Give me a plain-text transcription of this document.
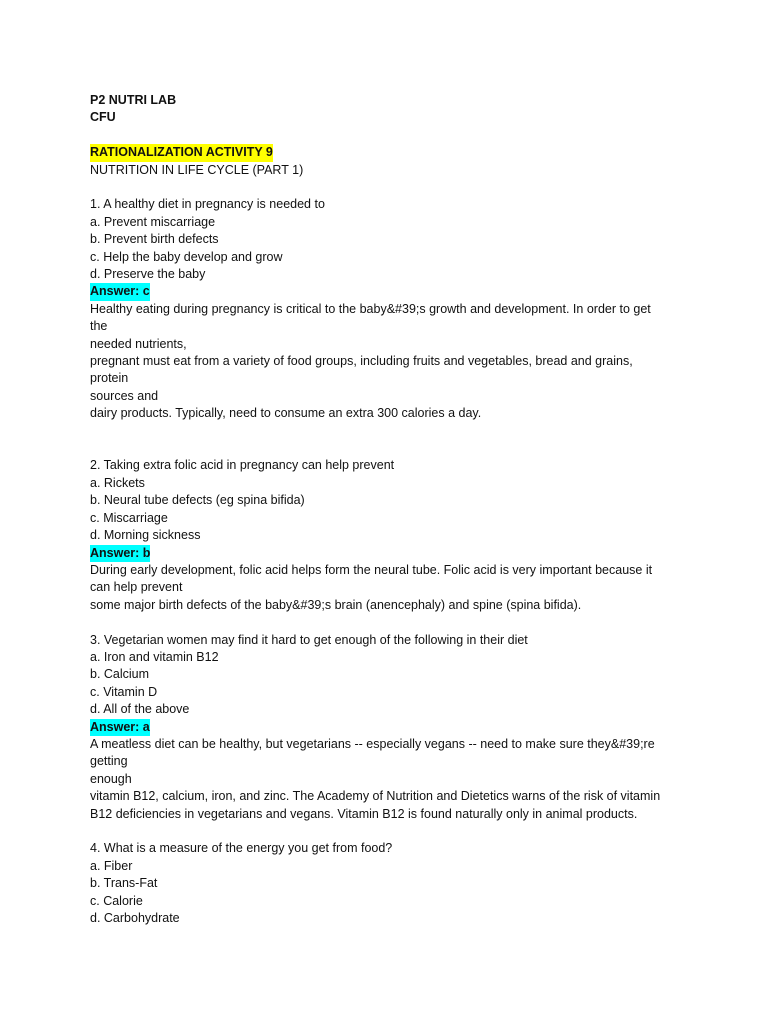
P2 NUTRI LAB
CFU
RATIONALIZATION ACTIVITY 9
NUTRITION IN LIFE CYCLE (PART 1)
1. A healthy diet in pregnancy is needed to
a. Prevent miscarriage
b. Prevent birth defects
c. Help the baby develop and grow
d. Preserve the baby
Answer: c
Healthy eating during pregnancy is critical to the baby&#39;s growth and development. In order to get
the
needed nutrients,
pregnant must eat from a variety of food groups, including fruits and vegetables, bread and grains,
protein
sources and
dairy products. Typically, need to consume an extra 300 calories a day.
2. Taking extra folic acid in pregnancy can help prevent
a. Rickets
b. Neural tube defects (eg spina bifida)
c. Miscarriage
d. Morning sickness
Answer: b
During early development, folic acid helps form the neural tube. Folic acid is very important because it
can help prevent
some major birth defects of the baby&#39;s brain (anencephaly) and spine (spina bifida).
3. Vegetarian women may find it hard to get enough of the following in their diet
a. Iron and vitamin B12
b. Calcium
c. Vitamin D
d. All of the above
Answer: a
A meatless diet can be healthy, but vegetarians -- especially vegans -- need to make sure they&#39;re
getting
enough
vitamin B12, calcium, iron, and zinc. The Academy of Nutrition and Dietetics warns of the risk of vitamin
B12 deficiencies in vegetarians and vegans. Vitamin B12 is found naturally only in animal products.
4. What is a measure of the energy you get from food?
a. Fiber
b. Trans-Fat
c. Calorie
d. Carbohydrate
